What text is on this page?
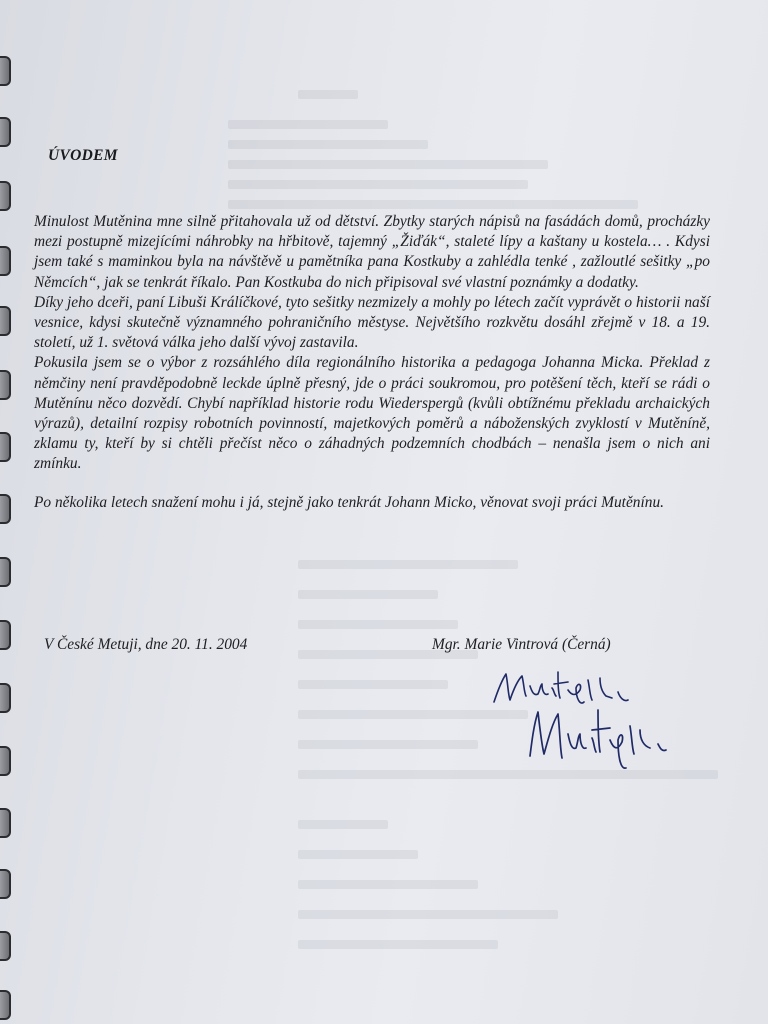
ÚVODEM

Minulost Mutěnina mne silně přitahovala už od dětství. Zbytky starých nápisů na fasádách domů, procházky mezi postupně mizejícími náhrobky na hřbitově, tajemný „Žiďák“, staleté lípy a kaštany u kostela… . Kdysi jsem také s maminkou byla na návštěvě u pamětníka pana Kostkuby a zahlédla tenké , zažloutlé sešitky „po Němcích“, jak se tenkrát říkalo. Pan Kostkuba do nich připisoval své vlastní poznámky a dodatky.

Díky jeho dceři, paní Libuši Králíčkové, tyto sešitky nezmizely a mohly po létech začít vyprávět o historii naší vesnice, kdysi skutečně významného pohraničního městyse. Největšího rozkvětu dosáhl zřejmě v 18. a 19. století, už 1. světová válka jeho další vývoj zastavila.

Pokusila jsem se o výbor z rozsáhlého díla regionálního historika a pedagoga Johanna Micka. Překlad z němčiny není pravděpodobně leckde úplně přesný, jde o práci soukromou, pro potěšení těch, kteří se rádi o Mutěnínu něco dozvědí. Chybí například historie rodu Wiederspergů (kvůli obtížnému překladu archaických výrazů), detailní rozpisy robotních povinností, majetkových poměrů a náboženských zvyklostí v Mutěníně, zklamu ty, kteří by si chtěli přečíst něco o záhadných podzemních chodbách – nenašla jsem o nich ani zmínku.

Po několika letech snažení mohu i já, stejně jako tenkrát Johann Micko, věnovat svoji práci Mutěnínu.

V České Metuji, dne 20. 11. 2004	Mgr. Marie Vintrová (Černá)
